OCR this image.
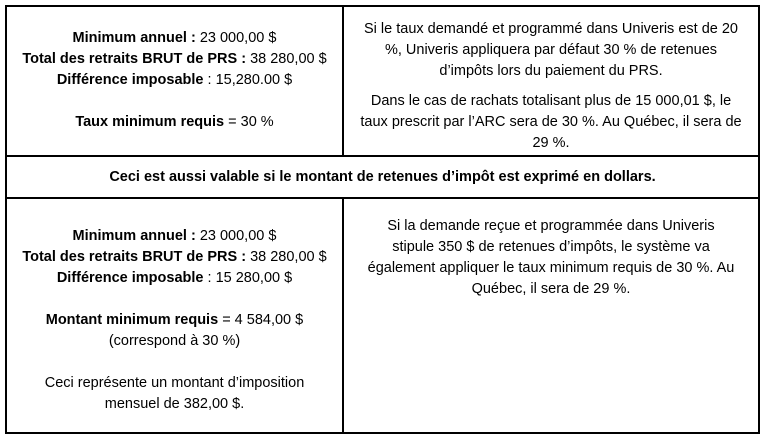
Minimum annuel : 23 000,00 $
Total des retraits BRUT de PRS : 38 280,00 $
Différence imposable : 15,280.00 $
Taux minimum requis = 30 %

Si le taux demandé et programmé dans Univeris est de 20 %, Univeris appliquera par défaut 30 % de retenues d’impôts lors du paiement du PRS.

Dans le cas de rachats totalisant plus de 15 000,01 $, le taux prescrit par l’ARC sera de 30 %. Au Québec, il sera de 29 %.

Ceci est aussi valable si le montant de retenues d’impôt est exprimé en dollars.
Minimum annuel : 23 000,00 $
Total des retraits BRUT de PRS : 38 280,00 $
Différence imposable : 15 280,00 $
Montant minimum requis = 4 584,00 $
(correspond à 30 %)

Ceci représente un montant d’imposition mensuel de 382,00 $.

Si la demande reçue et programmée dans Univeris stipule 350 $ de retenues d’impôts, le système va également appliquer le taux minimum requis de 30 %. Au Québec, il sera de 29 %.
